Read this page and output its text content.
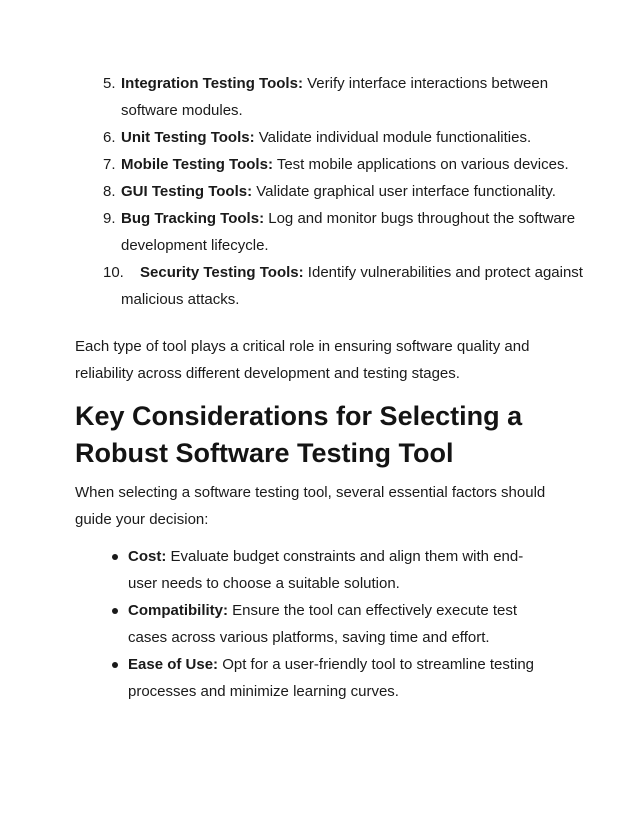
5. Integration Testing Tools: Verify interface interactions between software modules.
6. Unit Testing Tools: Validate individual module functionalities.
7. Mobile Testing Tools: Test mobile applications on various devices.
8. GUI Testing Tools: Validate graphical user interface functionality.
9. Bug Tracking Tools: Log and monitor bugs throughout the software development lifecycle.
10. Security Testing Tools: Identify vulnerabilities and protect against malicious attacks.

Each type of tool plays a critical role in ensuring software quality and reliability across different development and testing stages.

Key Considerations for Selecting a Robust Software Testing Tool

When selecting a software testing tool, several essential factors should guide your decision:

Cost: Evaluate budget constraints and align them with end-user needs to choose a suitable solution.
Compatibility: Ensure the tool can effectively execute test cases across various platforms, saving time and effort.
Ease of Use: Opt for a user-friendly tool to streamline testing processes and minimize learning curves.
